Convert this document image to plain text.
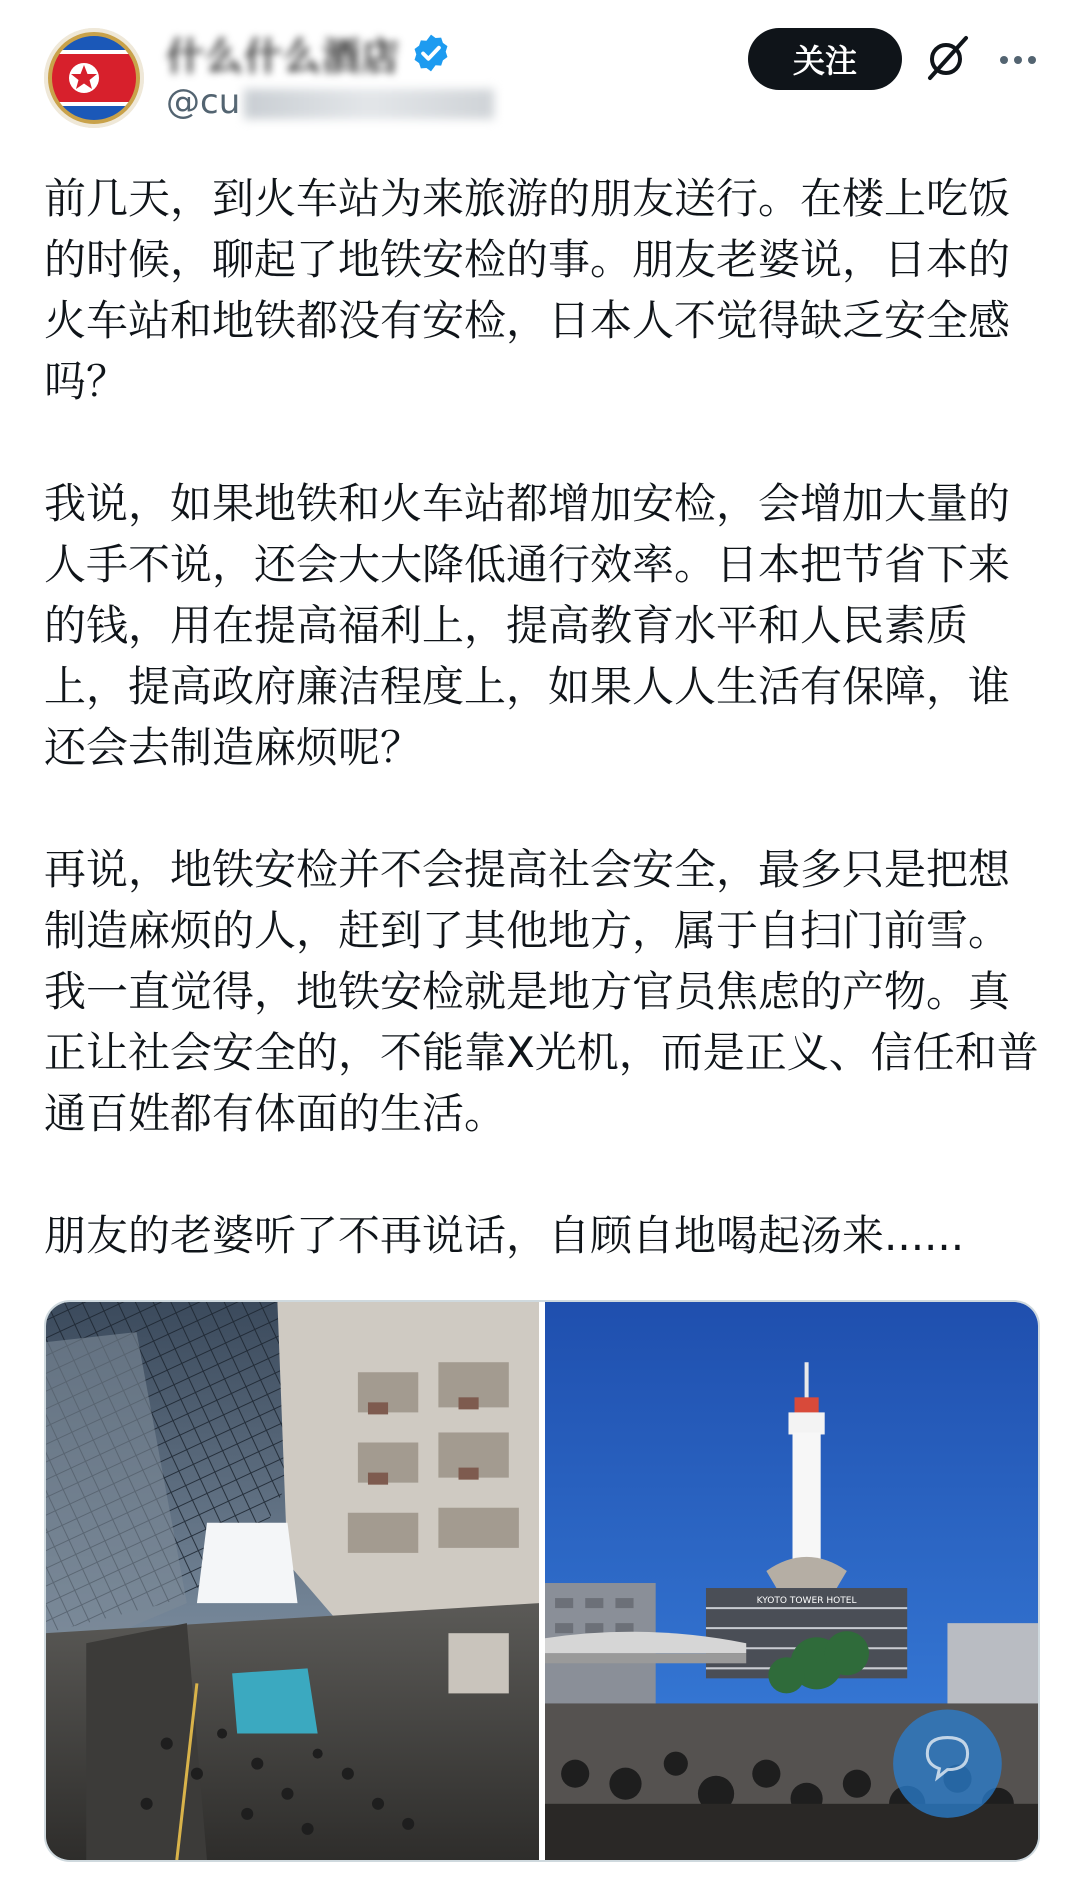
什么什么酒店
@cu
关注

前几天，到火车站为来旅游的朋友送行。在楼上吃饭的时候，聊起了地铁安检的事。朋友老婆说，日本的火车站和地铁都没有安检，日本人不觉得缺乏安全感吗？

我说，如果地铁和火车站都增加安检，会增加大量的人手不说，还会大大降低通行效率。日本把节省下来的钱，用在提高福利上，提高教育水平和人民素质上，提高政府廉洁程度上，如果人人生活有保障，谁还会去制造麻烦呢？

再说，地铁安检并不会提高社会安全，最多只是把想制造麻烦的人，赶到了其他地方，属于自扫门前雪。我一直觉得，地铁安检就是地方官员焦虑的产物。真正让社会安全的，不能靠X光机，而是正义、信任和普通百姓都有体面的生活。

朋友的老婆听了不再说话，自顾自地喝起汤来......

KYOTO TOWER HOTEL
